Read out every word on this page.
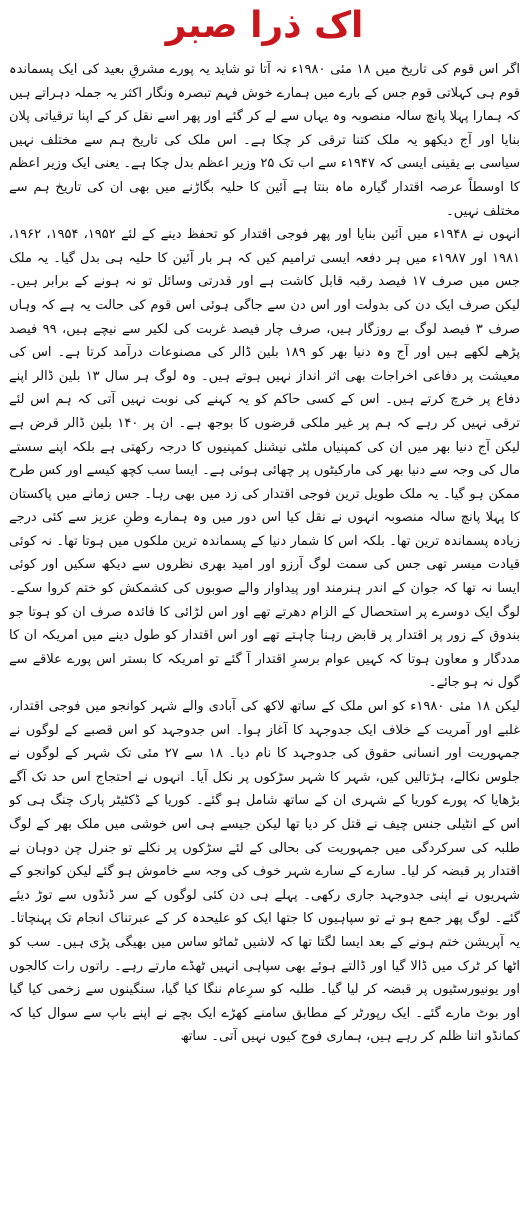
اک ذرا صبر

اگر اس قوم کی تاریخ میں ۱۸ مئی ۱۹۸۰ء نہ آتا تو شاید یہ پورے مشرقِ بعید کی ایک پسماندہ قوم ہی کہلاتی قوم جس کے بارے میں ہمارے خوش فہم تبصرہ ونگار اکثر یہ جملہ دہراتے ہیں کہ ہمارا پہلا پانچ سالہ منصوبہ وہ یہاں سے لے کر گئے اور پھر اسے نقل کر کے اپنا ترقیاتی پلان بنایا اور آج دیکھو یہ ملک کتنا ترقی کر چکا ہے۔ اس ملک کی تاریخ ہم سے مختلف نہیں سیاسی بے یقینی ایسی کہ ۱۹۴۷ء سے اب تک ۲۵ وزیر اعظم بدل چکا ہے۔ یعنی ایک وزیر اعظم کا اوسطاً عرصہ اقتدار گیارہ ماہ بنتا ہے آئین کا حلیہ بگاڑنے میں بھی ان کی تاریخ ہم سے مختلف نہیں۔

انہوں نے ۱۹۴۸ء میں آئین بنایا اور پھر فوجی اقتدار کو تحفظ دینے کے لئے ۱۹۵۲، ۱۹۵۴، ۱۹۶۲، ۱۹۸۱ اور ۱۹۸۷ء میں ہر دفعہ ایسی ترامیم کیں کہ ہر بار آئین کا حلیہ ہی بدل گیا۔ یہ ملک جس میں صرف ۱۷ فیصد رقبہ قابل کاشت ہے اور قدرتی وسائل تو نہ ہونے کے برابر ہیں۔ لیکن صرف ایک دن کی بدولت اور اس دن سے جاگی ہوئی اس قوم کی حالت یہ ہے کہ وہاں صرف ۳ فیصد لوگ بے روزگار ہیں، صرف چار فیصد غربت کی لکیر سے نیچے ہیں، ۹۹ فیصد پڑھے لکھے ہیں اور آج وہ دنیا بھر کو ۱۸۹ بلین ڈالر کی مصنوعات درآمد کرتا ہے۔ اس کی معیشت پر دفاعی اخراجات بھی اثر انداز نہیں ہوتے ہیں۔ وہ لوگ ہر سال ۱۳ بلین ڈالر اپنے دفاع پر خرچ کرتے ہیں۔ اس کے کسی حاکم کو یہ کہنے کی نوبت نہیں آتی کہ ہم اس لئے ترقی نہیں کر رہے کہ ہم پر غیر ملکی قرضوں کا بوجھ ہے۔ ان پر ۱۴۰ بلین ڈالر قرض ہے لیکن آج دنیا بھر میں ان کی کمپنیاں ملٹی نیشنل کمپنیوں کا درجہ رکھتی ہے بلکہ اپنے سستے مال کی وجہ سے دنیا بھر کی مارکیٹوں پر چھائی ہوئی ہے۔ ایسا سب کچھ کیسے اور کس طرح ممکن ہو گیا۔ یہ ملک طویل ترین فوجی اقتدار کی زد میں بھی رہا۔ جس زمانے میں پاکستان کا پہلا پانچ سالہ منصوبہ انہوں نے نقل کیا اس دور میں وہ ہمارے وطنِ عزیز سے کئی درجے زیادہ پسماندہ ترین تھا۔ بلکہ اس کا شمار دنیا کے پسماندہ ترین ملکوں میں ہوتا تھا۔ نہ کوئی قیادت میسر تھی جس کی سمت لوگ آرزو اور امید بھری نظروں سے دیکھ سکیں اور کوئی ایسا نہ تھا کہ جوان کے اندر ہنرمند اور پیداوار والے صوبوں کی کشمکش کو ختم کروا سکے۔ لوگ ایک دوسرے پر استحصال کے الزام دھرتے تھے اور اس لڑائی کا فائدہ صرف ان کو ہوتا جو بندوق کے زور پر اقتدار پر قابض رہنا چاہتے تھے اور اس اقتدار کو طول دینے میں امریکہ ان کا مددگار و معاون ہوتا کہ کہیں عوام برسرِ اقتدار آ گئے تو امریکہ کا بستر اس پورے علاقے سے گول نہ ہو جائے۔

لیکن ۱۸ مئی ۱۹۸۰ء کو اس ملک کے ساتھ لاکھ کی آبادی والے شہر کوانجو میں فوجی اقتدار، غلبے اور آمریت کے خلاف ایک جدوجہد کا آغاز ہوا۔ اس جدوجہد کو اس قصبے کے لوگوں نے جمہوریت اور انسانی حقوق کی جدوجہد کا نام دیا۔ ۱۸ سے ۲۷ مئی تک شہر کے لوگوں نے جلوس نکالے، ہڑتالیں کیں، شہر کا شہر سڑکوں پر نکل آیا۔ انہوں نے احتجاج اس حد تک آگے بڑھایا کہ پورے کوریا کے شہری ان کے ساتھ شامل ہو گئے۔ کوریا کے ڈکٹیٹر پارک چنگ ہی کو اس کے انٹیلی جنس چیف نے قتل کر دیا تھا لیکن جیسے ہی اس خوشی میں ملک بھر کے لوگ طلبہ کی سرکردگی میں جمہوریت کی بحالی کے لئے سڑکوں پر نکلے تو جنرل چن دوہان نے اقتدار پر قبضہ کر لیا۔ سارے کے سارے شہر خوف کی وجہ سے خاموش ہو گئے لیکن کوانجو کے شہریوں نے اپنی جدوجہد جاری رکھی۔ پہلے ہی دن کئی لوگوں کے سر ڈنڈوں سے توڑ دیئے گئے۔ لوگ پھر جمع ہو تے تو سپاہیوں کا جتھا ایک کو علیحدہ کر کے عبرتناک انجام تک پہنچاتا۔ یہ آپریشن ختم ہونے کے بعد ایسا لگتا تھا کہ لاشیں ٹماٹو ساس میں بھیگی پڑی ہیں۔ سب کو اٹھا کر ٹرک میں ڈالا گیا اور ڈالتے ہوئے بھی سپاہی انہیں ٹھڈے مارتے رہے۔ راتوں رات کالجوں اور یونیورسٹیوں پر قبضہ کر لیا گیا۔ طلبہ کو سرِعام ننگا کیا گیا، سنگینوں سے زخمی کیا گیا اور بوٹ مارے گئے۔ ایک رپورٹر کے مطابق سامنے کھڑے ایک بچے نے اپنے باپ سے سوال کیا کہ کمانڈو اتنا ظلم کر رہے ہیں، ہماری فوج کیوں نہیں آتی۔ ساتھ
